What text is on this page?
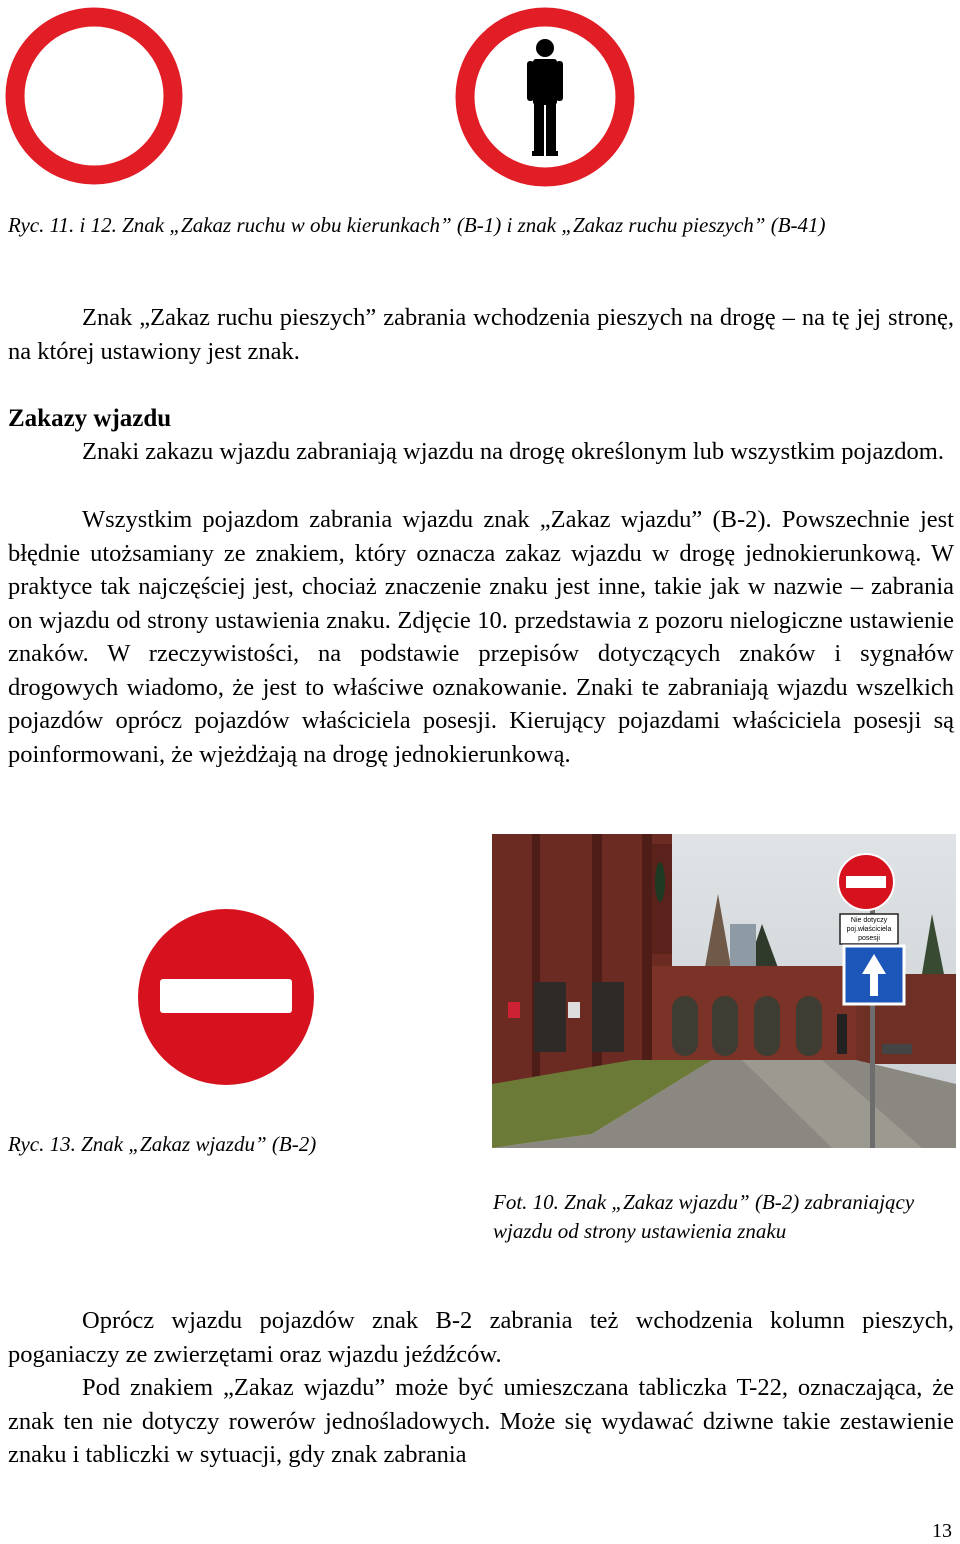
Ryc. 11. i 12. Znak „Zakaz ruchu w obu kierunkach” (B-1) i znak „Zakaz ruchu pieszych” (B-41)

Znak „Zakaz ruchu pieszych” zabrania wchodzenia pieszych na drogę – na tę jej stronę, na której ustawiony jest znak.

Zakazy wjazdu

Znaki zakazu wjazdu zabraniają wjazdu na drogę określonym lub wszystkim pojazdom.

Wszystkim pojazdom zabrania wjazdu znak „Zakaz wjazdu” (B-2). Powszechnie jest błędnie utożsamiany ze znakiem, który oznacza zakaz wjazdu w drogę jednokierunkową. W praktyce tak najczęściej jest, chociaż znaczenie znaku jest inne, takie jak w nazwie – zabrania on wjazdu od strony ustawienia znaku. Zdjęcie 10. przedstawia z pozoru nielogiczne ustawienie znaków. W rzeczywistości, na podstawie przepisów dotyczących znaków i sygnałów drogowych wiadomo, że jest to właściwe oznakowanie. Znaki te zabraniają wjazdu wszelkich pojazdów oprócz pojazdów właściciela posesji. Kierujący pojazdami właściciela posesji są poinformowani, że wjeżdżają na drogę jednokierunkową.

Ryc. 13. Znak „Zakaz wjazdu” (B-2)
Nie dotyczy
poj.właściciela
posesji
Fot. 10. Znak „Zakaz wjazdu” (B-2) zabraniający wjazdu od strony ustawienia znaku

Oprócz wjazdu pojazdów znak B-2 zabrania też wchodzenia kolumn pieszych, poganiaczy ze zwierzętami oraz wjazdu jeźdźców.

Pod znakiem „Zakaz wjazdu” może być umieszczana tabliczka T-22, oznaczająca, że znak ten nie dotyczy rowerów jednośladowych. Może się wydawać dziwne takie zestawienie znaku i tabliczki w sytuacji, gdy znak zabrania

13
